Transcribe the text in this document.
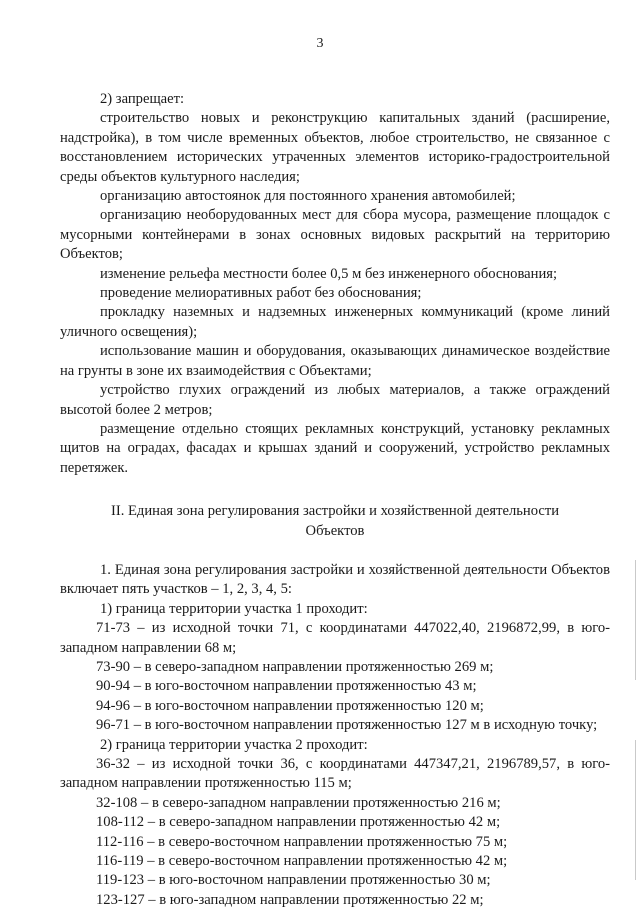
3

2) запрещает:

строительство новых и реконструкцию капитальных зданий (расширение, надстройка), в том числе временных объектов, любое строительство, не связанное с восстановлением исторических утраченных элементов историко-градостроительной среды объектов культурного наследия;

организацию автостоянок для постоянного хранения автомобилей;

организацию необорудованных мест для сбора мусора, размещение площадок с мусорными контейнерами в зонах основных видовых раскрытий на территорию Объектов;

изменение рельефа местности более 0,5 м без инженерного обоснования;

проведение мелиоративных работ без обоснования;

прокладку наземных и надземных инженерных коммуникаций (кроме линий уличного освещения);

использование машин и оборудования, оказывающих динамическое воздействие на грунты в зоне их взаимодействия с Объектами;

устройство глухих ограждений из любых материалов, а также ограждений высотой более 2 метров;

размещение отдельно стоящих рекламных конструкций, установку рекламных щитов на оградах, фасадах и крышах зданий и сооружений, устройство рекламных перетяжек.

II. Единая зона регулирования застройки и хозяйственной деятельности Объектов

1. Единая зона регулирования застройки и хозяйственной деятельности Объектов включает пять участков – 1, 2, 3, 4, 5:

1) граница территории участка 1 проходит:

71-73 – из исходной точки 71, с координатами 447022,40, 2196872,99, в юго-западном направлении 68 м;

73-90 – в северо-западном направлении протяженностью 269 м;

90-94 – в юго-восточном направлении протяженностью 43 м;

94-96 – в юго-восточном направлении протяженностью 120 м;

96-71 – в юго-восточном направлении протяженностью 127 м в исходную точку;

2) граница территории участка 2 проходит:

36-32 – из исходной точки 36, с координатами 447347,21, 2196789,57, в юго-западном направлении протяженностью 115 м;

32-108 – в северо-западном направлении протяженностью 216 м;

108-112 – в северо-западном направлении протяженностью 42 м;

112-116 – в северо-восточном направлении протяженностью 75 м;

116-119 – в северо-восточном направлении протяженностью 42 м;

119-123 – в юго-восточном направлении протяженностью 30 м;

123-127 – в юго-западном направлении протяженностью 22 м;
